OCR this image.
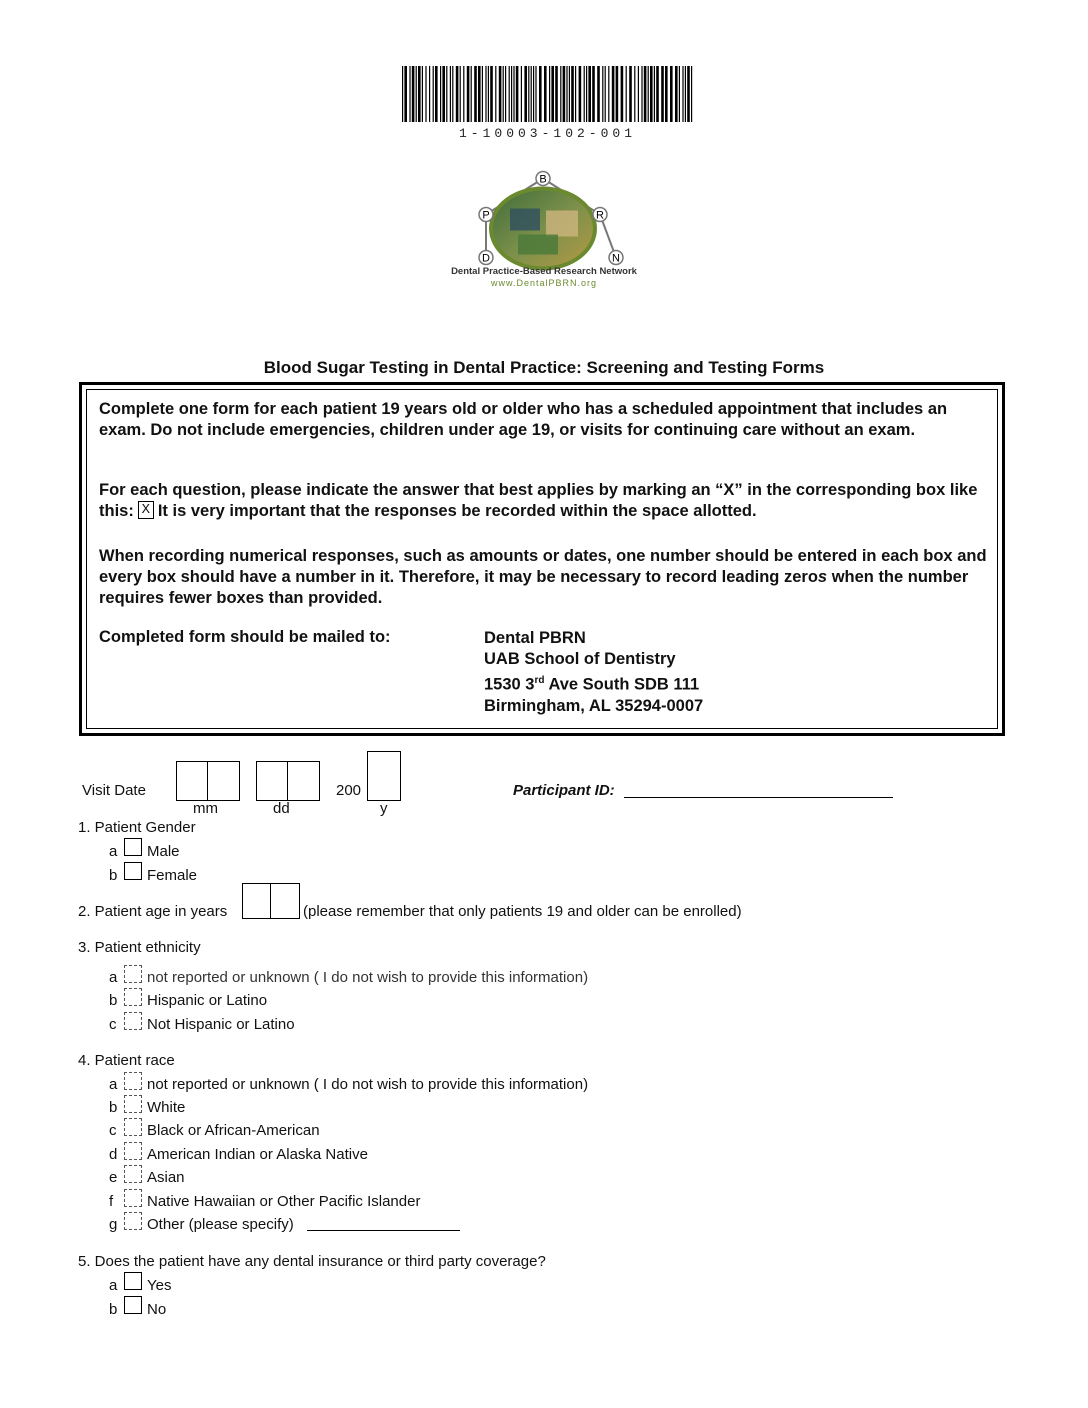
1-10003-102-001
B
P	R
D	N
Dental Practice-Based Research Network
www.DentalPBRN.org
Blood Sugar Testing in Dental Practice: Screening and Testing Forms

Complete one form for each patient 19 years old or older who has a scheduled appointment that includes an exam. Do not include emergencies, children under age 19, or visits for continuing care without an exam.

For each question, please indicate the answer that best applies by marking an “X” in the corresponding box like this: X It is very important that the responses be recorded within the space allotted.

When recording numerical responses, such as amounts or dates, one number should be entered in each box and every box should have a number in it. Therefore, it may be necessary to record leading zeros when the number requires fewer boxes than provided.

Completed form should be mailed to:	Dental PBRN
UAB School of Dentistry
1530 3rd Ave South SDB 111
Birmingham, AL 35294-0007
Visit Date
mm	dd
200
y
Participant ID:
1. Patient Gender
a Male
b Female
2. Patient age in years	(please remember that only patients 19 and older can be enrolled)
3. Patient ethnicity
a not reported or unknown ( I do not wish to provide this information)
b Hispanic or Latino
c Not Hispanic or Latino
4. Patient race
a not reported or unknown ( I do not wish to provide this information)
b White
c Black or African-American
d American Indian or Alaska Native
e Asian
f Native Hawaiian or Other Pacific Islander
g Other (please specify)
5. Does the patient have any dental insurance or third party coverage?
a Yes
b No
